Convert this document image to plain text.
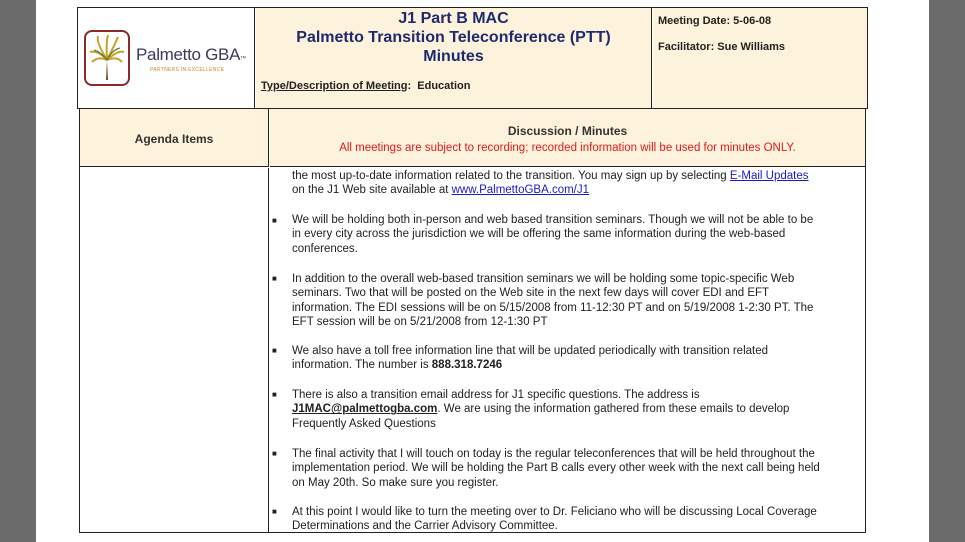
Palmetto GBA™
PARTNERS IN EXCELLENCE
J1 Part B MAC
Palmetto Transition Teleconference (PTT)
Minutes
Type/Description of Meeting:  Education
Meeting Date: 5-06-08
Facilitator: Sue Williams
Agenda Items
Discussion / Minutes
All meetings are subject to recording; recorded information will be used for minutes ONLY.
the most up-to-date information related to the transition. You may sign up by selecting E-Mail Updates
on the J1 Web site available at www.PalmettoGBA.com/J1
■ We will be holding both in-person and web based transition seminars. Though we will not be able to be
in every city across the jurisdiction we will be offering the same information during the web-based
conferences.
■ In addition to the overall web-based transition seminars we will be holding some topic-specific Web
seminars. Two that will be posted on the Web site in the next few days will cover EDI and EFT
information. The EDI sessions will be on 5/15/2008 from 11-12:30 PT and on 5/19/2008 1-2:30 PT. The
EFT session will be on 5/21/2008 from 12-1:30 PT
■ We also have a toll free information line that will be updated periodically with transition related
information. The number is 888.318.7246
■ There is also a transition email address for J1 specific questions. The address is
J1MAC@palmettogba.com. We are using the information gathered from these emails to develop
Frequently Asked Questions
■ The final activity that I will touch on today is the regular teleconferences that will be held throughout the
implementation period. We will be holding the Part B calls every other week with the next call being held
on May 20th. So make sure you register.
■ At this point I would like to turn the meeting over to Dr. Feliciano who will be discussing Local Coverage
Determinations and the Carrier Advisory Committee.
